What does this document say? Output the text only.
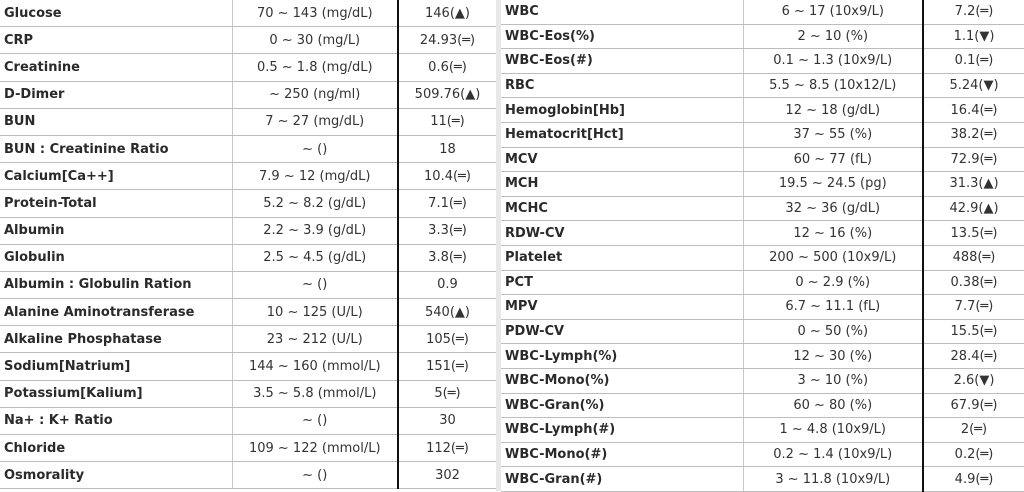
Glucose	70 ~ 143 (mg/dL)	146(▲)
CRP	0 ~ 30 (mg/L)	24.93(═)
Creatinine	0.5 ~ 1.8 (mg/dL)	0.6(═)
D-Dimer	~ 250 (ng/ml)	509.76(▲)
BUN	7 ~ 27 (mg/dL)	11(═)
BUN : Creatinine Ratio	~ ()	18
Calcium[Ca++]	7.9 ~ 12 (mg/dL)	10.4(═)
Protein-Total	5.2 ~ 8.2 (g/dL)	7.1(═)
Albumin	2.2 ~ 3.9 (g/dL)	3.3(═)
Globulin	2.5 ~ 4.5 (g/dL)	3.8(═)
Albumin : Globulin Ration	~ ()	0.9
Alanine Aminotransferase	10 ~ 125 (U/L)	540(▲)
Alkaline Phosphatase	23 ~ 212 (U/L)	105(═)
Sodium[Natrium]	144 ~ 160 (mmol/L)	151(═)
Potassium[Kalium]	3.5 ~ 5.8 (mmol/L)	5(═)
Na+ : K+ Ratio	~ ()	30
Chloride	109 ~ 122 (mmol/L)	112(═)
Osmorality	~ ()	302
WBC	6 ~ 17 (10x9/L)	7.2(═)
WBC-Eos(%)	2 ~ 10 (%)	1.1(▼)
WBC-Eos(#)	0.1 ~ 1.3 (10x9/L)	0.1(═)
RBC	5.5 ~ 8.5 (10x12/L)	5.24(▼)
Hemoglobin[Hb]	12 ~ 18 (g/dL)	16.4(═)
Hematocrit[Hct]	37 ~ 55 (%)	38.2(═)
MCV	60 ~ 77 (fL)	72.9(═)
MCH	19.5 ~ 24.5 (pg)	31.3(▲)
MCHC	32 ~ 36 (g/dL)	42.9(▲)
RDW-CV	12 ~ 16 (%)	13.5(═)
Platelet	200 ~ 500 (10x9/L)	488(═)
PCT	0 ~ 2.9 (%)	0.38(═)
MPV	6.7 ~ 11.1 (fL)	7.7(═)
PDW-CV	0 ~ 50 (%)	15.5(═)
WBC-Lymph(%)	12 ~ 30 (%)	28.4(═)
WBC-Mono(%)	3 ~ 10 (%)	2.6(▼)
WBC-Gran(%)	60 ~ 80 (%)	67.9(═)
WBC-Lymph(#)	1 ~ 4.8 (10x9/L)	2(═)
WBC-Mono(#)	0.2 ~ 1.4 (10x9/L)	0.2(═)
WBC-Gran(#)	3 ~ 11.8 (10x9/L)	4.9(═)
